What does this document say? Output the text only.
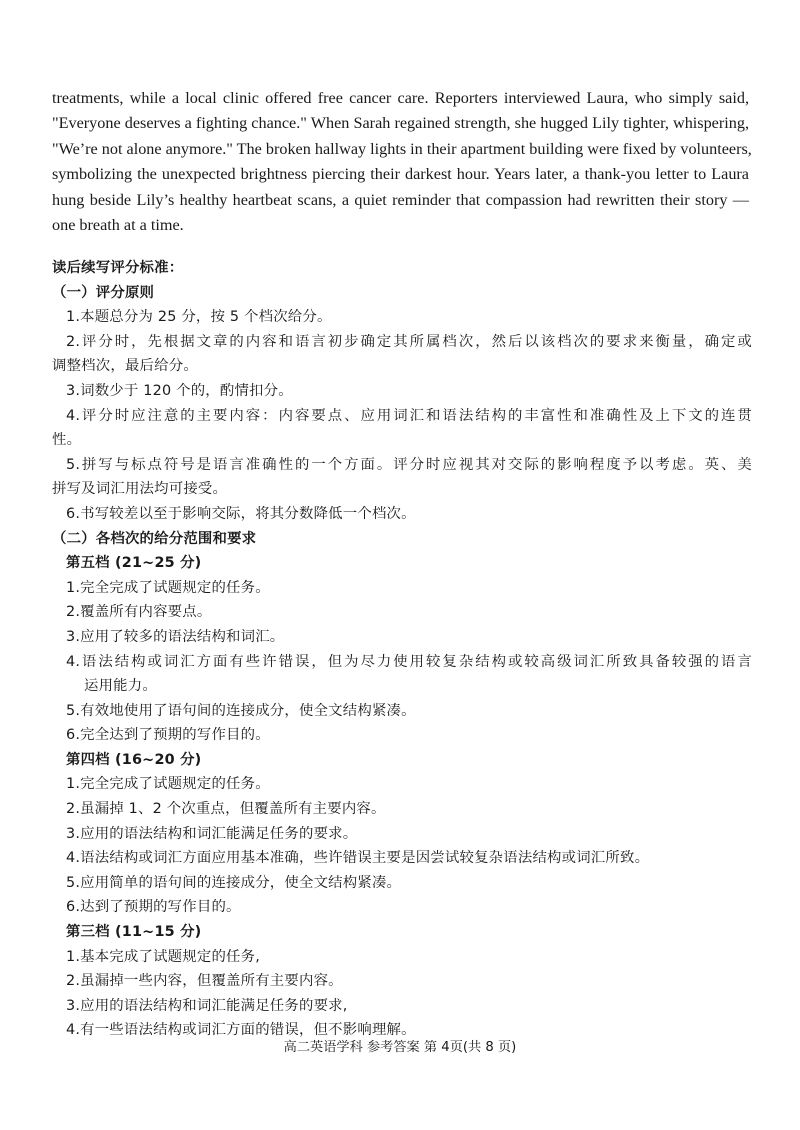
treatments, while a local clinic offered free cancer care. Reporters interviewed Laura, who simply said,
"Everyone deserves a fighting chance." When Sarah regained strength, she hugged Lily tighter, whispering,
"We’re not alone anymore." The broken hallway lights in their apartment building were fixed by volunteers,
symbolizing the unexpected brightness piercing their darkest hour. Years later, a thank-you letter to Laura
hung beside Lily’s healthy heartbeat scans, a quiet reminder that compassion had rewritten their story —
one breath at a time.
读后续写评分标准：
（一）评分原则
1.本题总分为 25 分，按 5 个档次给分。
2.评分时，先根据文章的内容和语言初步确定其所属档次，然后以该档次的要求来衡量，确定或
调整档次，最后给分。
3.词数少于 120 个的，酌情扣分。
4.评分时应注意的主要内容：内容要点、应用词汇和语法结构的丰富性和准确性及上下文的连贯
性。
5.拼写与标点符号是语言准确性的一个方面。评分时应视其对交际的影响程度予以考虑。英、美
拼写及词汇用法均可接受。
6.书写较差以至于影响交际，将其分数降低一个档次。
（二）各档次的给分范围和要求
第五档 (21~25 分)
1.完全完成了试题规定的任务。
2.覆盖所有内容要点。
3.应用了较多的语法结构和词汇。
4.语法结构或词汇方面有些许错误，但为尽力使用较复杂结构或较高级词汇所致具备较强的语言
运用能力。
5.有效地使用了语句间的连接成分，使全文结构紧凑。
6.完全达到了预期的写作目的。
第四档 (16~20 分)
1.完全完成了试题规定的任务。
2.虽漏掉 1、2 个次重点，但覆盖所有主要内容。
3.应用的语法结构和词汇能满足任务的要求。
4.语法结构或词汇方面应用基本准确，些许错误主要是因尝试较复杂语法结构或词汇所致。
5.应用简单的语句间的连接成分，使全文结构紧凑。
6.达到了预期的写作目的。
第三档 (11~15 分)
1.基本完成了试题规定的任务,
2.虽漏掉一些内容，但覆盖所有主要内容。
3.应用的语法结构和词汇能满足任务的要求,
4.有一些语法结构或词汇方面的错误，但不影响理解。
高二英语学科 参考答案 第 4页(共 8 页)
